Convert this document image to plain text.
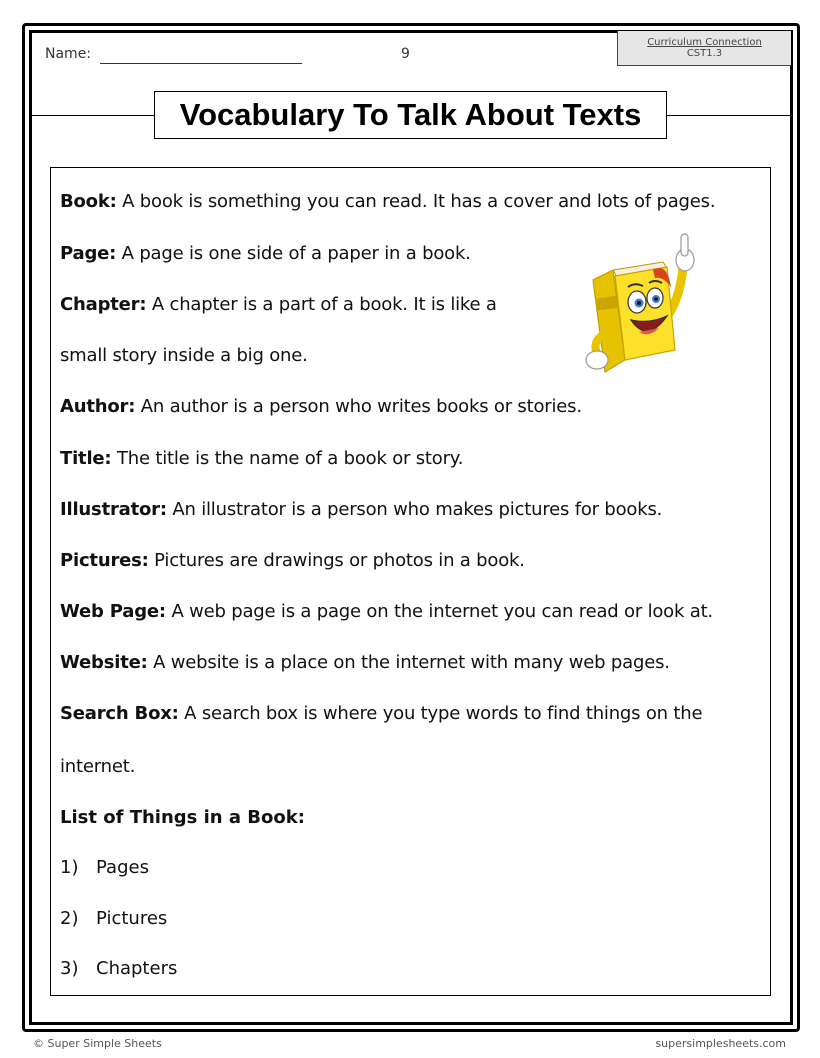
Name:	9
Curriculum Connection
CST1.3
Vocabulary To Talk About Texts
Book: A book is something you can read. It has a cover and lots of pages.
Page: A page is one side of a paper in a book.
Chapter: A chapter is a part of a book. It is like a
small story inside a big one.
Author: An author is a person who writes books or stories.
Title: The title is the name of a book or story.
Illustrator: An illustrator is a person who makes pictures for books.
Pictures: Pictures are drawings or photos in a book.
Web Page: A web page is a page on the internet you can read or look at.
Website: A website is a place on the internet with many web pages.
Search Box: A search box is where you type words to find things on the
internet.
List of Things in a Book:
1) Pages
2) Pictures
3) Chapters
© Super Simple Sheets	supersimplesheets.com
